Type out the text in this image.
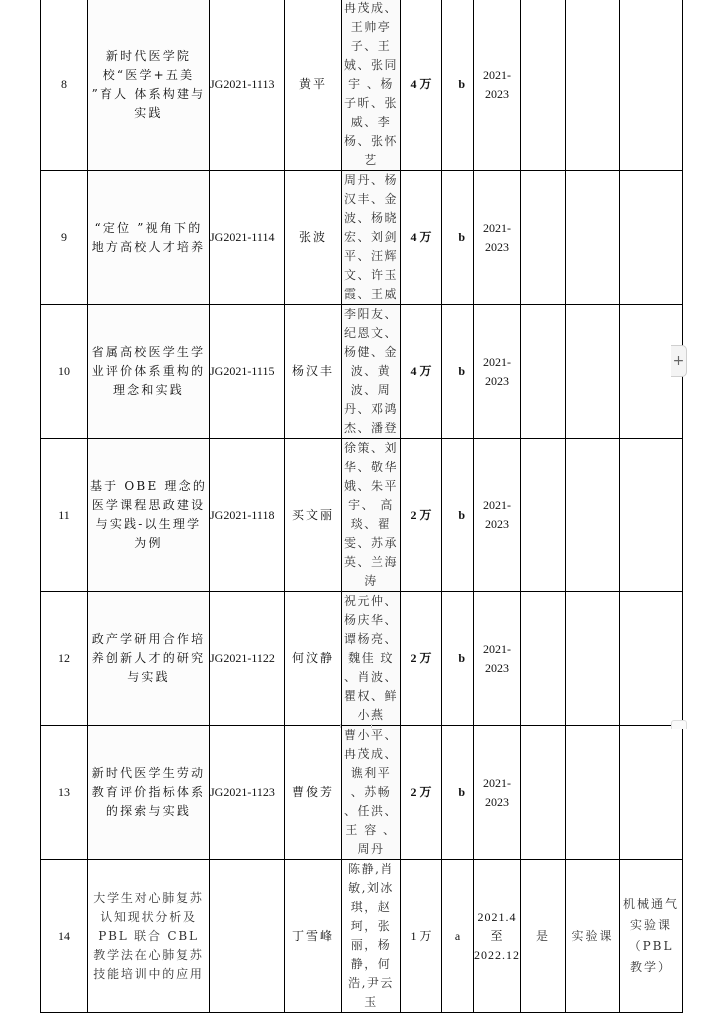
8	新时代医学院校“医学+五美 ”育人 体系构建与实践	JG2021-1113	黄平	冉茂成、王帅亭子、王 娀、张同宇 、杨子昕、张威、李杨、张怀艺	4 万	b	2021-2023			
9	“定位 ”视角下的地方高校人才培养	JG2021-1114	张波	周丹、杨汉丰、金波、杨晓宏、刘剑平、汪辉文、许玉霞、王威	4 万	b	2021-2023			
10	省属高校医学生学业评价体系重构的理念和实践	JG2021-1115	杨汉丰	李阳友、纪恩文、杨健、金波、黄波、周丹、邓鸿杰、潘登	4 万	b	2021-2023			
11	基于 OBE 理念的医学课程思政建设与实践-以生理学为例	JG2021-1118	买文丽	徐策、刘华、敬华娥、朱平宇、 高琰、翟雯、苏承英、兰海涛	2 万	b	2021-2023			
12	政产学研用合作培养创新人才的研究与实践	JG2021-1122	何汶静	祝元仲、杨庆华、谭杨亮、魏佳 玟 、肖波、瞿权、鲜小燕	2 万	b	2021-2023			
13	新时代医学生劳动教育评价指标体系的探索与实践	JG2021-1123	曹俊芳	曹小平、冉茂成、谯利平 、苏畅 、任洪、 王 容 、周丹	2 万	b	2021-2023			
14	大学生对心肺复苏认知现状分析及 PBL 联合 CBL 教学法在心肺复苏技能培训中的应用		丁雪峰	陈静,肖敏,刘冰琪，赵珂，张丽，杨静，何浩,尹云玉	1 万	a	2021.4 至 2022.12	是	实验课	机械通气实验课（PBL 教学）
+
